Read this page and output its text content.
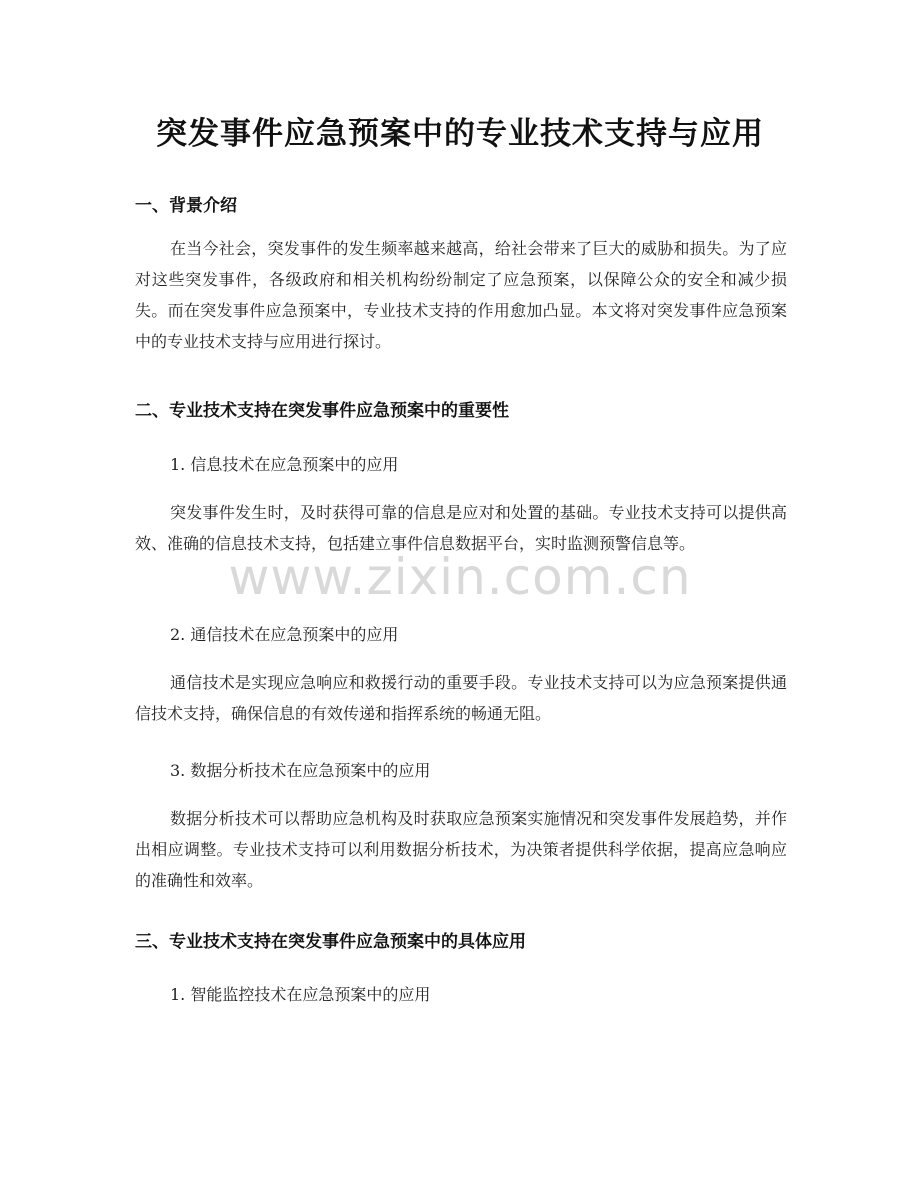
突发事件应急预案中的专业技术支持与应用
一、背景介绍

在当今社会，突发事件的发生频率越来越高，给社会带来了巨大的威胁和损失。为了应对这些突发事件，各级政府和相关机构纷纷制定了应急预案，以保障公众的安全和减少损失。而在突发事件应急预案中，专业技术支持的作用愈加凸显。本文将对突发事件应急预案中的专业技术支持与应用进行探讨。

二、专业技术支持在突发事件应急预案中的重要性

1. 信息技术在应急预案中的应用

突发事件发生时，及时获得可靠的信息是应对和处置的基础。专业技术支持可以提供高效、准确的信息技术支持，包括建立事件信息数据平台，实时监测预警信息等。

2. 通信技术在应急预案中的应用

通信技术是实现应急响应和救援行动的重要手段。专业技术支持可以为应急预案提供通信技术支持，确保信息的有效传递和指挥系统的畅通无阻。

3. 数据分析技术在应急预案中的应用

数据分析技术可以帮助应急机构及时获取应急预案实施情况和突发事件发展趋势，并作出相应调整。专业技术支持可以利用数据分析技术，为决策者提供科学依据，提高应急响应的准确性和效率。

三、专业技术支持在突发事件应急预案中的具体应用

1. 智能监控技术在应急预案中的应用

www.zixin.com.cn
